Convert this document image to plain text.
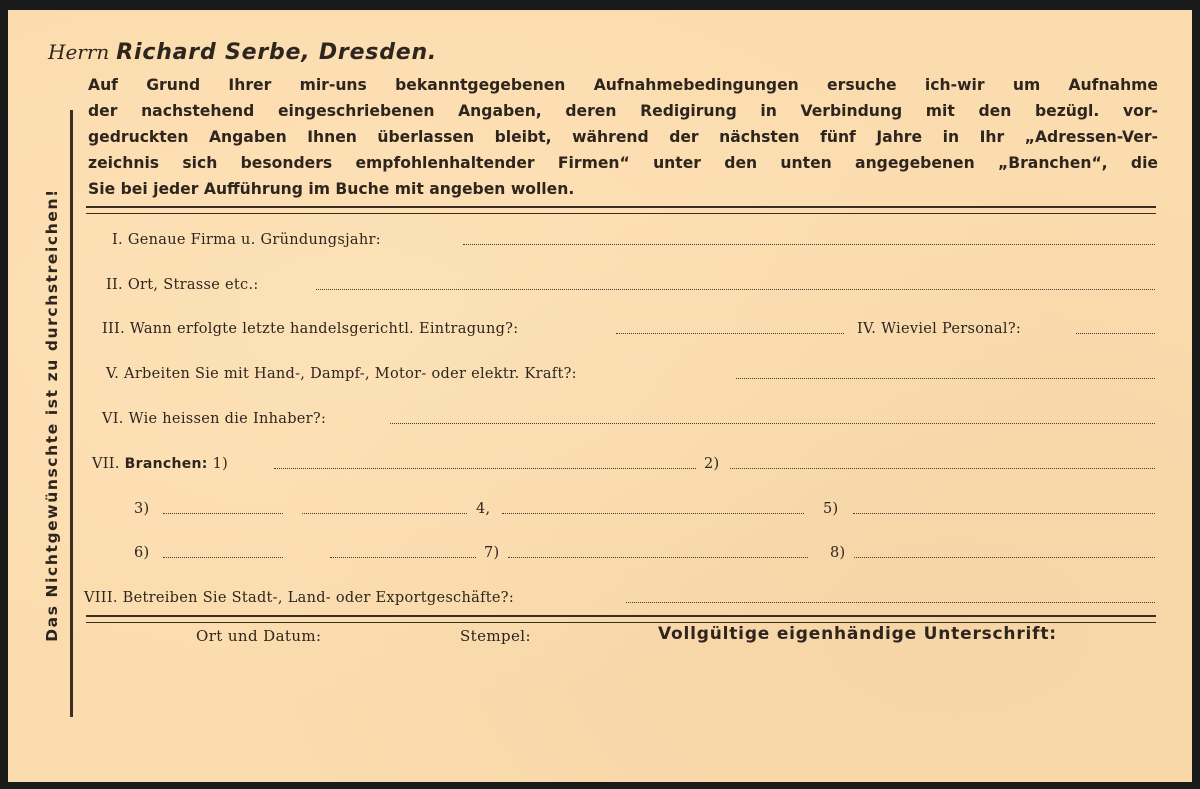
Das Nichtgewünschte ist zu durchstreichen!
Herrn Richard Serbe, Dresden.
Auf Grund Ihrer mir-uns bekanntgegebenen Aufnahmebedingungen ersuche ich-wir um Aufnahme
der nachstehend eingeschriebenen Angaben, deren Redigirung in Verbindung mit den bezügl. vor-
gedruckten Angaben Ihnen überlassen bleibt, während der nächsten fünf Jahre in Ihr „Adressen-Ver-
zeichnis sich besonders empfohlenhaltender Firmen“ unter den unten angegebenen „Branchen“, die
Sie bei jeder Aufführung im Buche mit angeben wollen.
I. Genaue Firma u. Gründungsjahr:
II. Ort, Strasse etc.:
III. Wann erfolgte letzte handelsgerichtl. Eintragung?:	IV. Wieviel Personal?:
V. Arbeiten Sie mit Hand-, Dampf-, Motor- oder elektr. Kraft?:
VI. Wie heissen die Inhaber?:
VII. Branchen: 1)	2)
3)	4,	5)
6)	7)	8)
VIII. Betreiben Sie Stadt-, Land- oder Exportgeschäfte?:
Ort und Datum:	Stempel:	Vollgültige eigenhändige Unterschrift:
